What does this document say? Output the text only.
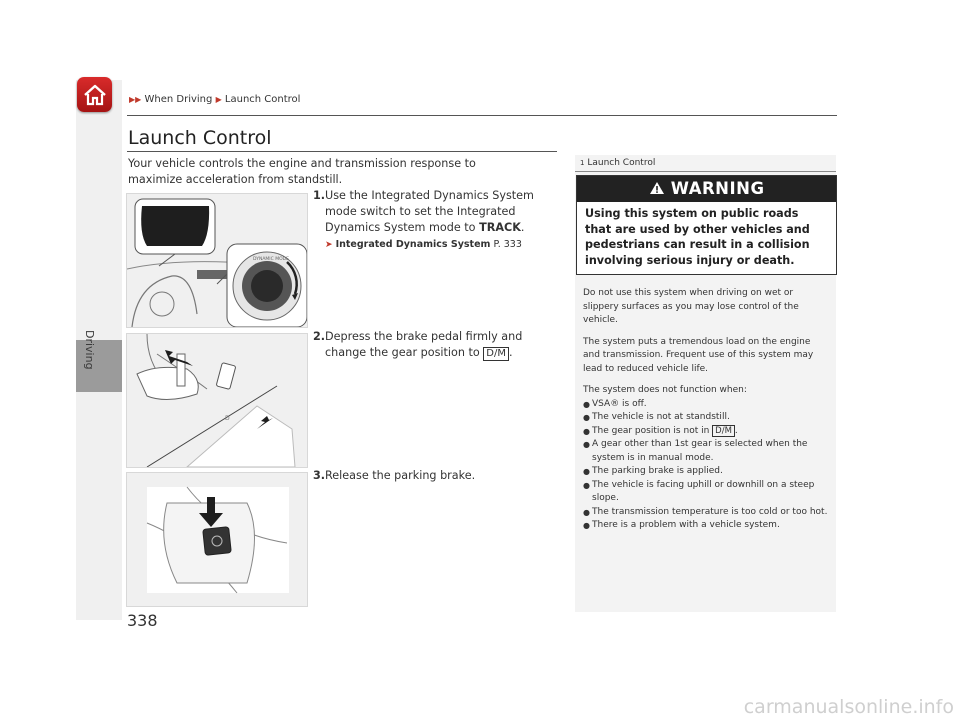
Driving
▶▶ When Driving ▶ Launch Control
Launch Control
Your vehicle controls the engine and transmission response to maximize acceleration from standstill.
DYNAMIC MODE
D
1. Use the Integrated Dynamics System mode switch to set the Integrated Dynamics System mode to TRACK.
➤ Integrated Dynamics System P. 333
2. Depress the brake pedal firmly and change the gear position to D/M .
3. Release the parking brake.
338
1 Launch Control
WARNING
Using this system on public roads that are used by other vehicles and pedestrians can result in a collision involving serious injury or death.

Do not use this system when driving on wet or slippery surfaces as you may lose control of the vehicle.

The system puts a tremendous load on the engine and transmission. Frequent use of this system may lead to reduced vehicle life.

The system does not function when:

● VSA® is off.
● The vehicle is not at standstill.
● The gear position is not in D/M .
● A gear other than 1st gear is selected when the system is in manual mode.
● The parking brake is applied.
● The vehicle is facing uphill or downhill on a steep slope.
● The transmission temperature is too cold or too hot.
● There is a problem with a vehicle system.
carmanualsonline.info
